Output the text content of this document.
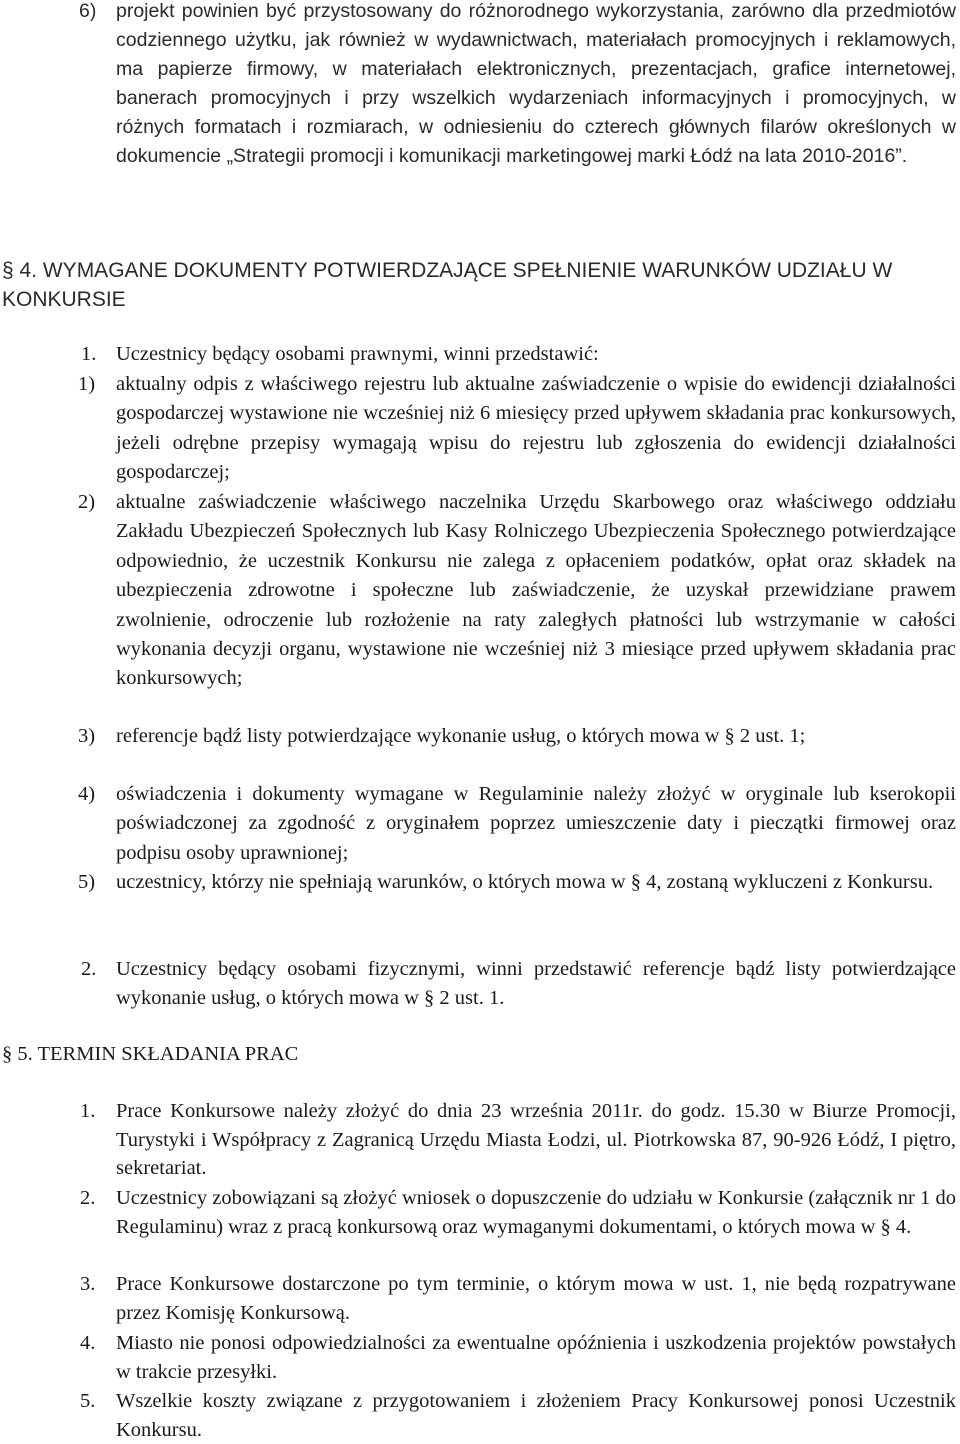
6) projekt powinien być przystosowany do różnorodnego wykorzystania, zarówno dla przedmiotów codziennego użytku, jak również w wydawnictwach, materiałach promocyjnych i reklamowych, ma papierze firmowy, w materiałach elektronicznych, prezentacjach, grafice internetowej, banerach promocyjnych i przy wszelkich wydarzeniach informacyjnych i promocyjnych, w różnych formatach i rozmiarach, w odniesieniu do czterech głównych filarów określonych w dokumencie „Strategii promocji i komunikacji marketingowej marki Łódź na lata 2010-2016”.
§ 4. WYMAGANE DOKUMENTY POTWIERDZAJĄCE SPEŁNIENIE WARUNKÓW UDZIAŁU W KONKURSIE
1. Uczestnicy będący osobami prawnymi, winni przedstawić:
1) aktualny odpis z właściwego rejestru lub aktualne zaświadczenie o wpisie do ewidencji działalności gospodarczej wystawione nie wcześniej niż 6 miesięcy przed upływem składania prac konkursowych, jeżeli odrębne przepisy wymagają wpisu do rejestru lub zgłoszenia do ewidencji działalności gospodarczej;
2) aktualne zaświadczenie właściwego naczelnika Urzędu Skarbowego oraz właściwego oddziału Zakładu Ubezpieczeń Społecznych lub Kasy Rolniczego Ubezpieczenia Społecznego potwierdzające odpowiednio, że uczestnik Konkursu nie zalega z opłaceniem podatków, opłat oraz składek na ubezpieczenia zdrowotne i społeczne lub zaświadczenie, że uzyskał przewidziane prawem zwolnienie, odroczenie lub rozłożenie na raty zaległych płatności lub wstrzymanie w całości wykonania decyzji organu, wystawione nie wcześniej niż 3 miesiące przed upływem składania prac konkursowych;
3) referencje bądź listy potwierdzające wykonanie usług, o których mowa w § 2 ust. 1;
4) oświadczenia i dokumenty wymagane w Regulaminie należy złożyć w oryginale lub kserokopii poświadczonej za zgodność z oryginałem poprzez umieszczenie daty i pieczątki firmowej oraz podpisu osoby uprawnionej;
5) uczestnicy, którzy nie spełniają warunków, o których mowa w § 4, zostaną wykluczeni z Konkursu.
2. Uczestnicy będący osobami fizycznymi, winni przedstawić referencje bądź listy potwierdzające wykonanie usług, o których mowa w § 2 ust. 1.
§ 5. TERMIN SKŁADANIA PRAC
1. Prace Konkursowe należy złożyć do dnia 23 września 2011r. do godz. 15.30 w Biurze Promocji, Turystyki i Współpracy z Zagranicą Urzędu Miasta Łodzi, ul. Piotrkowska 87, 90-926 Łódź, I piętro, sekretariat.
2. Uczestnicy zobowiązani są złożyć wniosek o dopuszczenie do udziału w Konkursie (załącznik nr 1 do Regulaminu) wraz z pracą konkursową oraz wymaganymi dokumentami, o których mowa w § 4.
3. Prace Konkursowe dostarczone po tym terminie, o którym mowa w ust. 1, nie będą rozpatrywane przez Komisję Konkursową.
4. Miasto nie ponosi odpowiedzialności za ewentualne opóźnienia i uszkodzenia projektów powstałych w trakcie przesyłki.
5. Wszelkie koszty związane z przygotowaniem i złożeniem Pracy Konkursowej ponosi Uczestnik Konkursu.
